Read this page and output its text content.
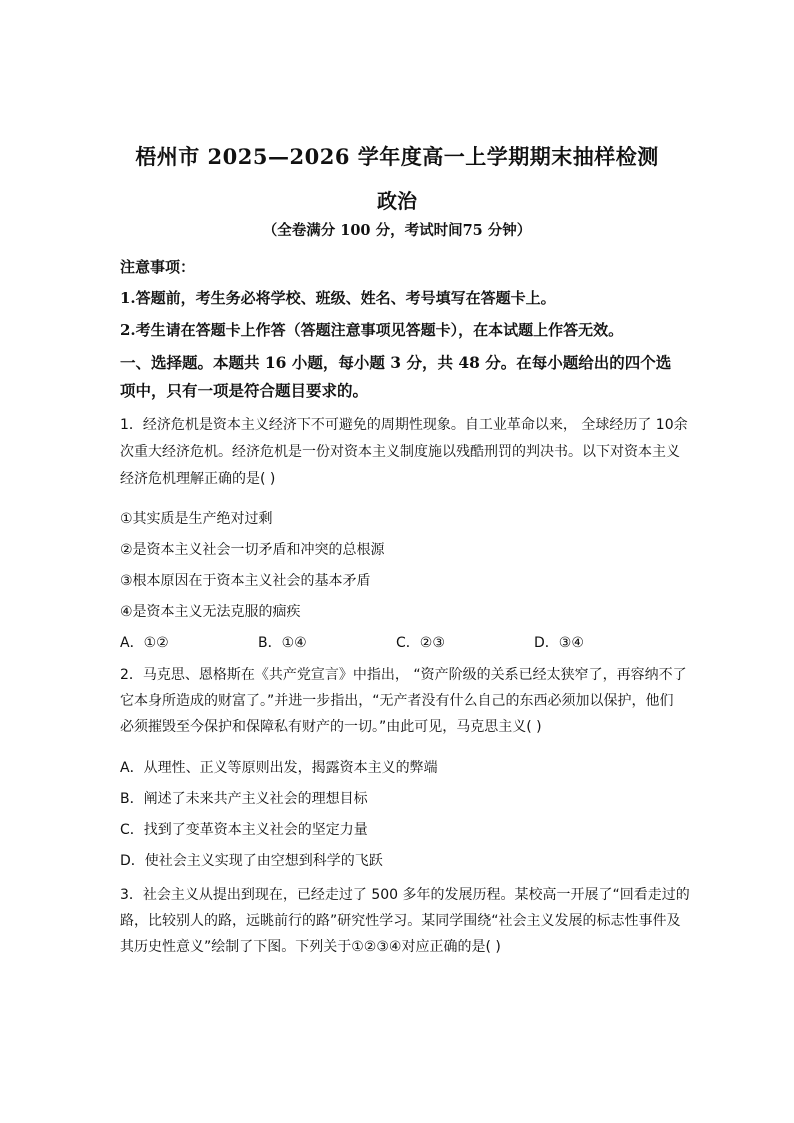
梧州市 2025—2026 学年度高一上学期期末抽样检测
政治
（全卷满分 100 分，考试时间75 分钟）
注意事项：
1.答题前，考生务必将学校、班级、姓名、考号填写在答题卡上。
2.考生请在答题卡上作答（答题注意事项见答题卡），在本试题上作答无效。
一、选择题。本题共 16 小题，每小题 3 分，共 48 分。在每小题给出的四个选
项中，只有一项是符合题目要求的。
1．经济危机是资本主义经济下不可避免的周期性现象。自工业革命以来， 全球经历了 10余
次重大经济危机。经济危机是一份对资本主义制度施以残酷刑罚的判决书。以下对资本主义
经济危机理解正确的是( )
①其实质是生产绝对过剩
②是资本主义社会一切矛盾和冲突的总根源
③根本原因在于资本主义社会的基本矛盾
④是资本主义无法克服的痼疾
A．①②	B．①④	C．②③	D．③④
2．马克思、恩格斯在《共产党宣言》中指出， “资产阶级的关系已经太狭窄了，再容纳不了
它本身所造成的财富了。”并进一步指出，“无产者没有什么自己的东西必须加以保护，他们
必须摧毁至今保护和保障私有财产的一切。”由此可见，马克思主义( )
A．从理性、正义等原则出发，揭露资本主义的弊端
B．阐述了未来共产主义社会的理想目标
C．找到了变革资本主义社会的坚定力量
D．使社会主义实现了由空想到科学的飞跃
3．社会主义从提出到现在，已经走过了 500 多年的发展历程。某校高一开展了“回看走过的
路，比较别人的路，远眺前行的路”研究性学习。某同学围绕“社会主义发展的标志性事件及
其历史性意义”绘制了下图。下列关于①②③④对应正确的是( )
